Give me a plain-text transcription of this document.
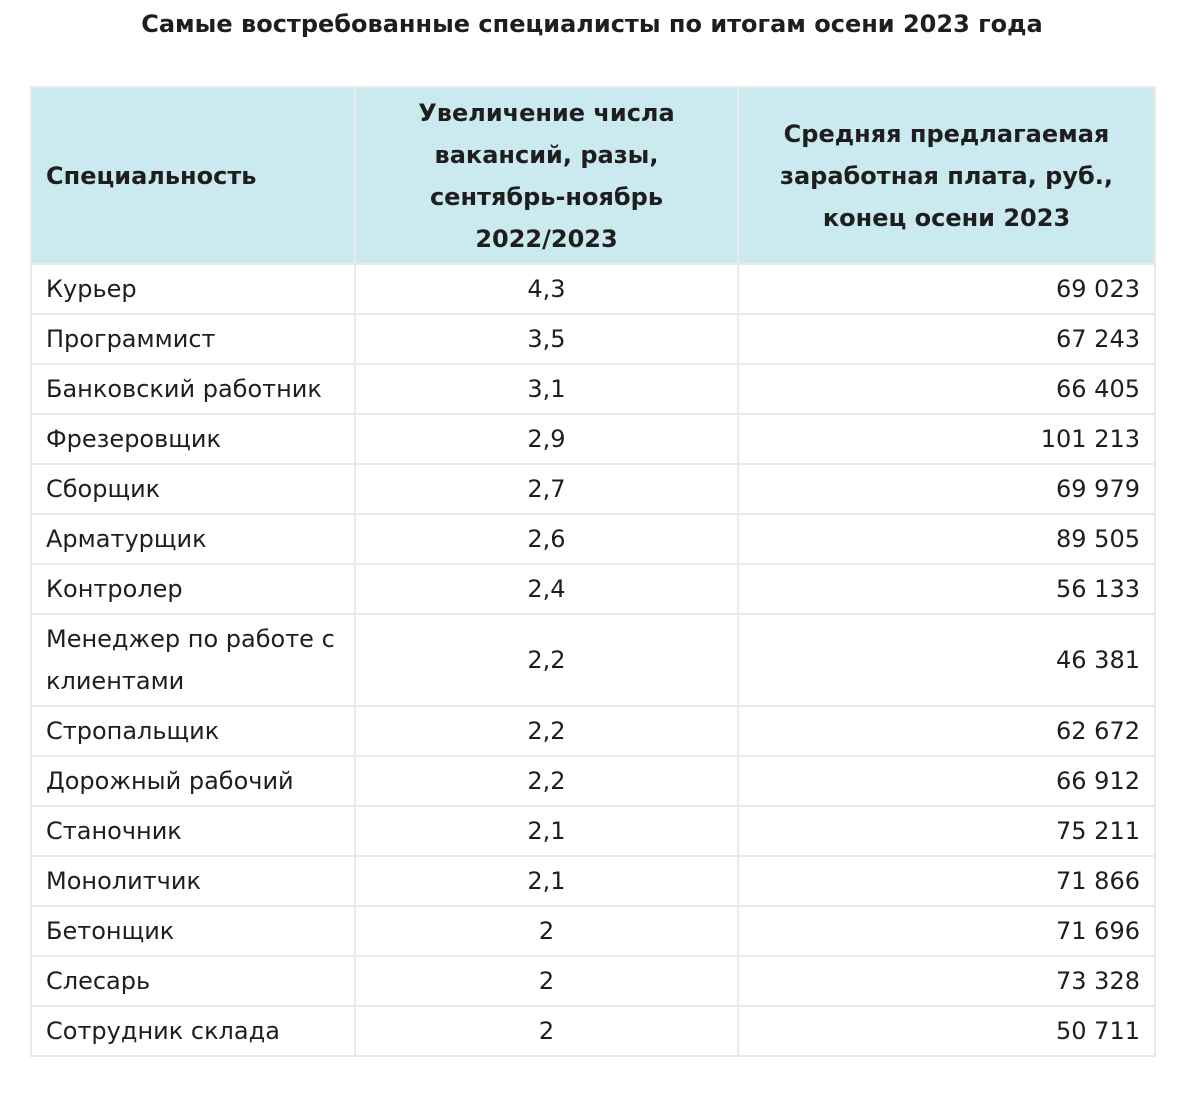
Самые востребованные специалисты по итогам осени 2023 года
Специальность	Увеличение числа вакансий, разы, сентябрь-ноябрь 2022/2023	Средняя предлагаемая заработная плата, руб., конец осени 2023
Курьер	4,3	69 023
Программист	3,5	67 243
Банковский работник	3,1	66 405
Фрезеровщик	2,9	101 213
Сборщик	2,7	69 979
Арматурщик	2,6	89 505
Контролер	2,4	56 133
Менеджер по работе с клиентами	2,2	46 381
Стропальщик	2,2	62 672
Дорожный рабочий	2,2	66 912
Станочник	2,1	75 211
Монолитчик	2,1	71 866
Бетонщик	2	71 696
Слесарь	2	73 328
Сотрудник склада	2	50 711
